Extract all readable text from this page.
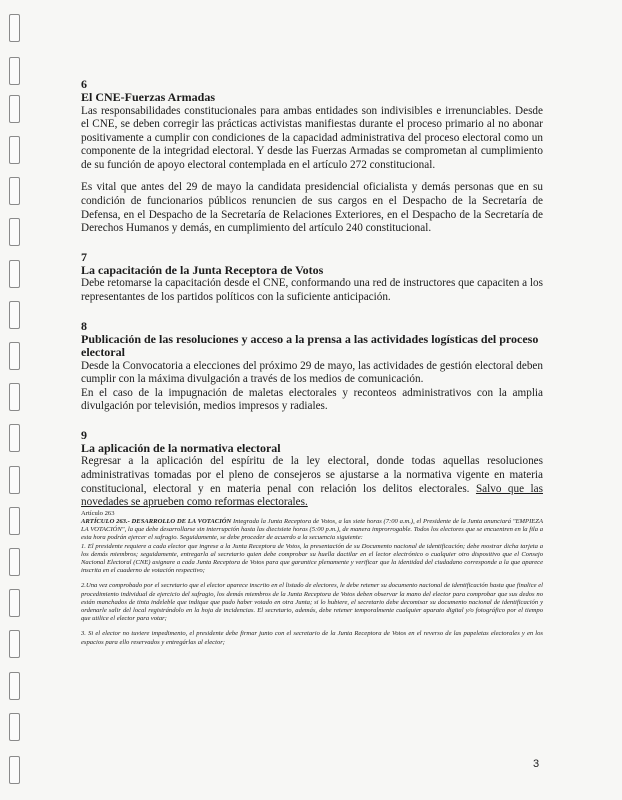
6

El CNE-Fuerzas Armadas

Las responsabilidades constitucionales para ambas entidades son indivisibles e irrenunciables. Desde el CNE, se deben corregir las prácticas activistas manifiestas durante el proceso primario al no abonar positivamente a cumplir con condiciones de la capacidad administrativa del proceso electoral como un componente de la integridad electoral. Y desde las Fuerzas Armadas se comprometan al cumplimiento de su función de apoyo electoral contemplada en el artículo 272 constitucional.

Es vital que antes del 29 de mayo la candidata presidencial oficialista y demás personas que en su condición de funcionarios públicos renuncien de sus cargos en el Despacho de la Secretaría de Defensa, en el Despacho de la Secretaría de Relaciones Exteriores, en el Despacho de la Secretaría de Derechos Humanos y demás, en cumplimiento del artículo 240 constitucional.

7

La capacitación de la Junta Receptora de Votos

Debe retomarse la capacitación desde el CNE, conformando una red de instructores que capaciten a los representantes de los partidos políticos con la suficiente anticipación.

8

Publicación de las resoluciones y acceso a la prensa a las actividades logísticas del proceso electoral

Desde la Convocatoria a elecciones del próximo 29 de mayo, las actividades de gestión electoral deben cumplir con la máxima divulgación a través de los medios de comunicación.

En el caso de la impugnación de maletas electorales y reconteos administrativos con la amplia divulgación por televisión, medios impresos y radiales.

9

La aplicación de la normativa electoral

Regresar a la aplicación del espíritu de la ley electoral, donde todas aquellas resoluciones administrativas tomadas por el pleno de consejeros se ajustarse a la normativa vigente en materia constitucional, electoral y en materia penal con relación los delitos electorales. Salvo que las novedades se aprueben como reformas electorales.

Artículo 263

ARTÍCULO 263.- DESARROLLO DE LA VOTACIÓN Integrada la Junta Receptora de Votos, a las siete horas (7:00 a.m.), el Presidente de la Junta anunciará "EMPIEZA LA VOTACIÓN", la que debe desarrollarse sin interrupción hasta las diecisiete horas (5:00 p.m.), de manera improrrogable. Todos los electores que se encuentren en la fila a esta hora podrán ejercer el sufragio. Seguidamente, se debe proceder de acuerdo a la secuencia siguiente:

1. El presidente requiere a cada elector que ingrese a la Junta Receptora de Votos, la presentación de su Documento nacional de identificación; debe mostrar dicha tarjeta a los demás miembros; seguidamente, entregarla al secretario quien debe comprobar su huella dactilar en el lector electrónico o cualquier otro dispositivo que el Consejo Nacional Electoral (CNE) asignare a cada Junta Receptora de Votos para que garantice plenamente y verificar que la identidad del ciudadano corresponde a la que aparece inscrita en el cuaderno de votación respectivo;

2.Una vez comprobado por el secretario que el elector aparece inscrito en el listado de electores, le debe retener su documento nacional de identificación hasta que finalice el procedimiento individual de ejercicio del sufragio, los demás miembros de la Junta Receptora de Votos deben observar la mano del elector para comprobar que sus dedos no están manchados de tinta indeleble que indique que pudo haber votado en otra Junta; si lo hubiere, el secretario debe decomisar su documento nacional de identificación y ordenarle salir del local registrándolo en la hoja de incidencias. El secretario, además, debe retener temporalmente cualquier aparato digital y/o fotográfico por el tiempo que utilice el elector para votar;

3. Si el elector no tuviere impedimento, el presidente debe firmar junto con el secretario de la Junta Receptora de Votos en el reverso de las papeletas electorales y en los espacios para ello reservados y entregárlas al elector;

3
